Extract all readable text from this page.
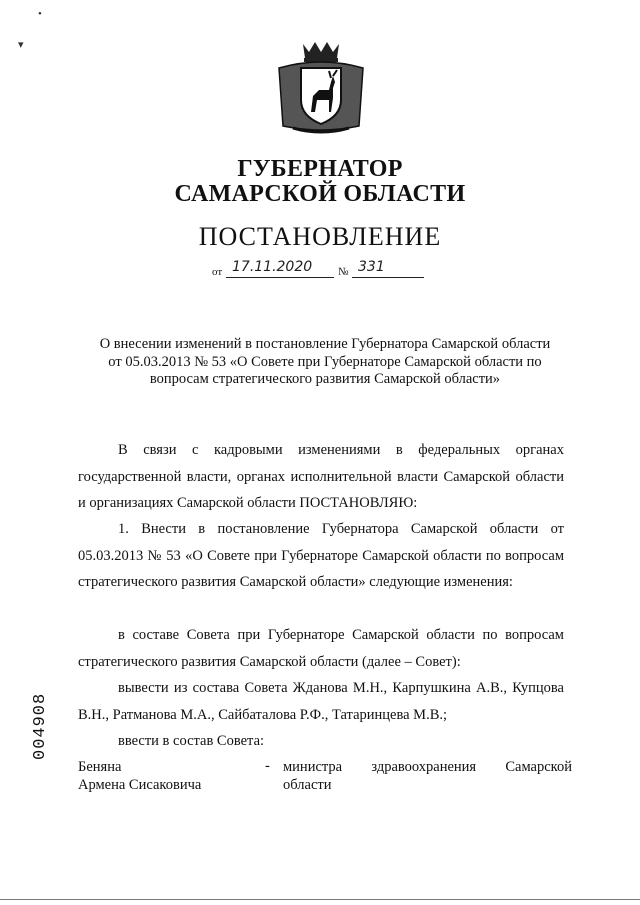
•
▾
ГУБЕРНАТОР
САМАРСКОЙ ОБЛАСТИ
ПОСТАНОВЛЕНИЕ
от 17.11.2020 № 331
О внесении изменений в постановление Губернатора Самарской области
от 05.03.2013 № 53 «О Совете при Губернаторе Самарской области по
вопросам стратегического развития Самарской области»
В связи с кадровыми изменениями в федеральных органах государственной власти, органах исполнительной власти Самарской области и организациях Самарской области ПОСТАНОВЛЯЮ:
1. Внести в постановление Губернатора Самарской области от 05.03.2013 № 53 «О Совете при Губернаторе Самарской области по вопросам стратегического развития Самарской области» следующие изменения:
в составе Совета при Губернаторе Самарской области по вопросам стратегического развития Самарской области (далее – Совет):
вывести из состава Совета Жданова М.Н., Карпушкина А.В., Купцова В.Н., Ратманова М.А., Сайбаталова Р.Ф., Татаринцева М.В.;
ввести в состав Совета:
Беняна
Армена Сисаковича
- министра здравоохранения Самарской
области
004908
